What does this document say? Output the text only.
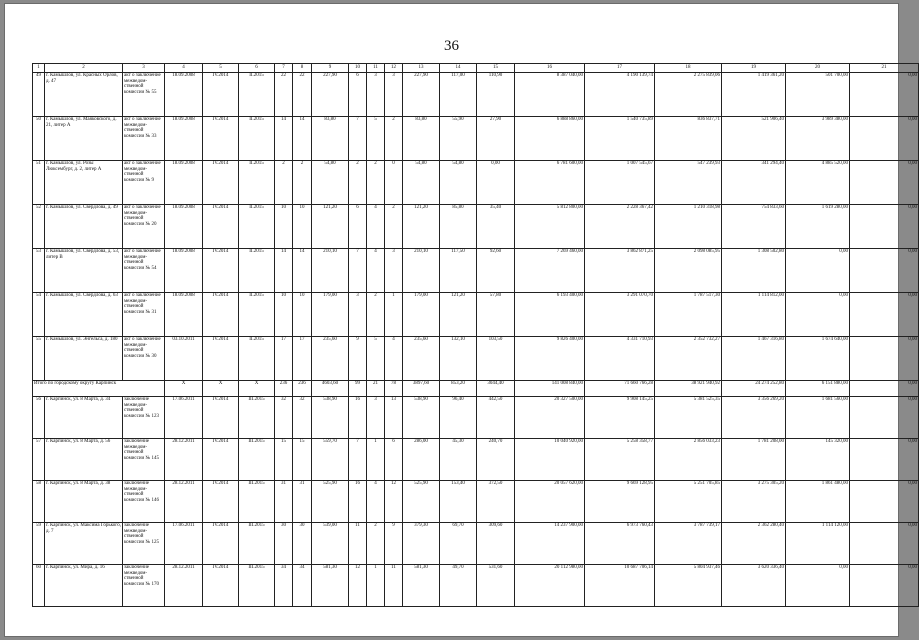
36
1	2	3	4	5	6	7	8	9	10	11	12	13	14	15	16	17	18	19	20	21
49	г. Камышлов, ул. Красных Орлов, д. 47	акт о заключение межведом-ственной комиссии № 55	18.09.2008	IV.2014	II.2015	22	22	227,90	6	3	3	227,90	117,00	110,90	8 387 040,00	4 190 139,74	2 275 839,06	1 419 361,20	501 700,00	0,00
50	г. Камышлов, ул. Маяковского, д. 21, литер А	акт о заключение межведом-ственной комиссии № 33	18.09.2008	IV.2014	II.2015	14	14	83,80	7	5	2	83,80	55,90	27,90	6 888 860,00	1 540 735,89	836 837,71	521 906,40	3 989 380,00	0,00
51	г. Камышлов, ул. Розы Люксембург, д. 2, литер А	акт о заключение межведом-ственной комиссии № 9	18.09.2008	IV.2014	II.2015	2	2	54,80	2	2	0	54,80	54,80	0,00	6 781 600,00	1 007 545,67	547 239,93	341 294,40	4 885 520,00	0,00
52	г. Камышлов, ул. Свердлова, д. 49	акт о заключение межведом-ственной комиссии № 20	18.09.2008	IV.2014	II.2015	10	10	121,20	6	4	2	121,20	85,80	35,40	5 812 800,00	2 228 367,42	1 210 318,98	754 833,60	1 619 280,00	0,00
53	г. Камышлов, ул. Свердлова, д. 53, литер В	акт о заключение межведом-ственной комиссии № 54	18.09.2008	IV.2014	II.2015	14	14	210,10	7	4	3	210,10	117,50	92,60	7 269 460,00	3 862 871,25	2 098 085,95	1 308 502,80	0,00	0,00
54	г. Камышлов, ул. Свердлова, д. 63	акт о заключение межведом-ственной комиссии № 31	18.09.2008	IV.2014	II.2015	10	10	179,00	3	2	1	179,00	121,20	57,80	6 193 400,00	3 291 070,70	1 787 517,30	1 114 812,00	0,00	0,00
55	г. Камышлов, ул. Энгельса, д. 180	акт о заключение межведом-ственной комиссии № 30	03.10.2011	IV.2014	II.2015	17	17	235,60	9	5	4	235,60	132,10	103,50	9 826 400,00	4 331 710,93	2 352 732,27	1 467 316,80	1 674 640,00	0,00
Итого по городскому округу Карпинск			Х	Х	Х	236	236	4603,60	99	21	78	3897,60	853,20	3044,40	141 008 840,00	71 660 766,28	38 921 940,92	24 274 252,80	6 151 880,00	0,00
56	г. Карпинск, ул. 8 Марта, д. 34	заключение межведом-ственной комиссии № 123	17.06.2011	IV.2014	III.2015	32	32	538,90	16	3	13	538,90	96,40	442,50	20 327 500,00	9 908 145,25	5 381 525,35	3 356 269,20	1 681 560,00	0,00
57	г. Карпинск, ул. 8 Марта, д. 56	заключение межведом-ственной комиссии № 145	28.12.2011	IV.2014	III.2015	15	15	559,70	7	1	6	286,00	45,30	240,70	10 040 920,00	5 258 358,77	2 856 033,23	1 781 208,00	145 320,00	0,00
58	г. Карпинск, ул. 8 Марта, д. 38	заключение межведом-ственной комиссии № 146	28.12.2011	IV.2014	III.2015	31	31	525,90	16	4	12	525,90	153,40	372,50	20 057 620,00	9 669 128,95	5 251 705,85	3 275 305,20	1 861 480,00	0,00
59	г. Карпинск, ул. Максима Горького, д. 7	заключение межведом-ственной комиссии № 125	17.06.2011	IV.2014	III.2015	30	30	539,00	11	2	9	379,30	69,70	309,60	14 237 900,00	6 973 760,43	3 787 739,17	2 362 280,40	1 114 120,00	0,00
60	г. Карпинск, ул. Мира, д. 16	заключение межведом-ственной комиссии № 170	28.12.2011	IV.2014	III.2015	34	34	581,30	12	1	11	581,30	49,70	531,60	20 112 980,00	10 687 706,14	5 804 937,46	3 620 336,40	0,00	0,00
